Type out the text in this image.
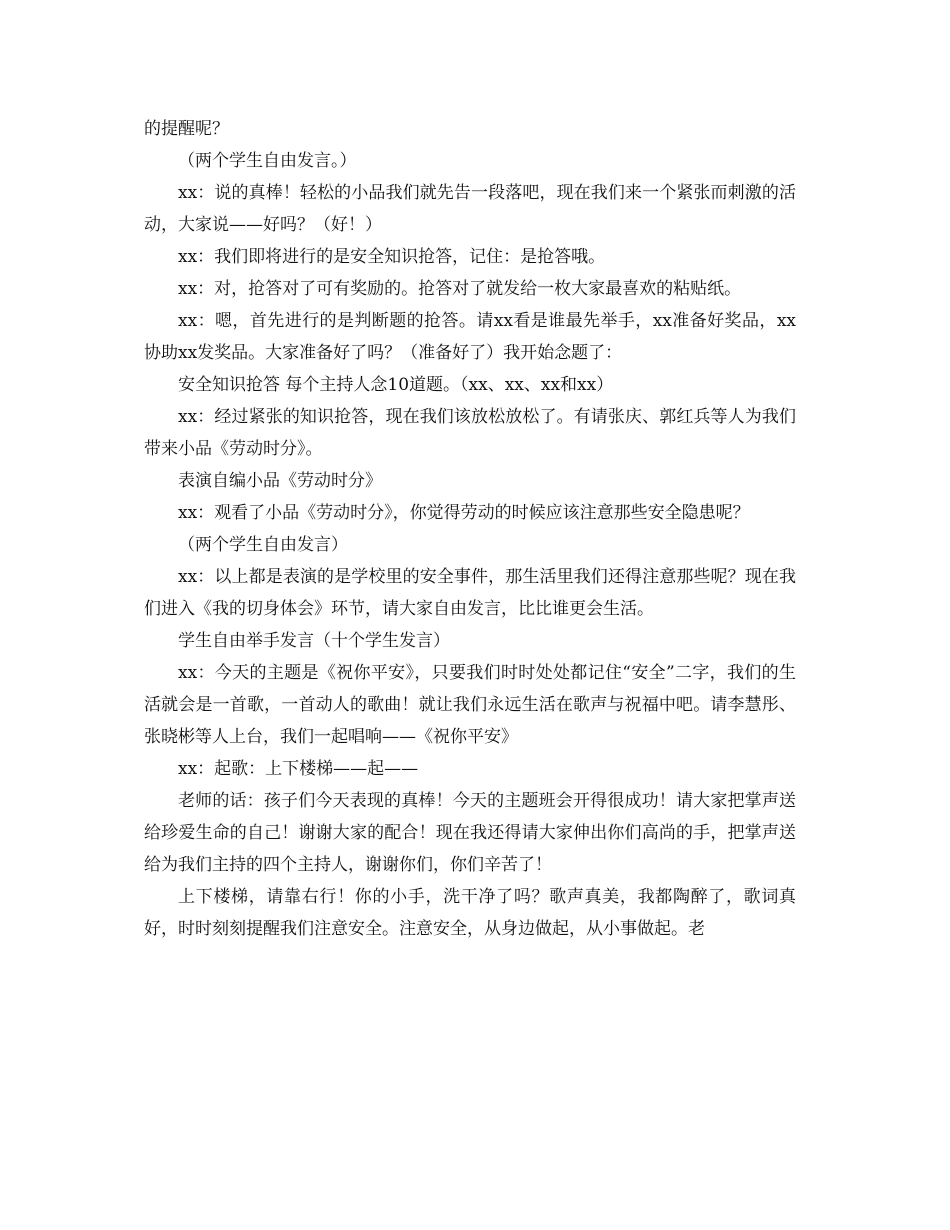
的提醒呢？

（两个学生自由发言。）

xx：说的真棒！轻松的小品我们就先告一段落吧，现在我们来一个紧张而刺激的活动，大家说——好吗？（好！）

xx：我们即将进行的是安全知识抢答，记住：是抢答哦。

xx：对，抢答对了可有奖励的。抢答对了就发给一枚大家最喜欢的粘贴纸。

xx：嗯，首先进行的是判断题的抢答。请xx看是谁最先举手，xx准备好奖品，xx协助xx发奖品。大家准备好了吗？（准备好了）我开始念题了：

安全知识抢答 每个主持人念10道题。（xx、xx、xx和xx）

xx：经过紧张的知识抢答，现在我们该放松放松了。有请张庆、郭红兵等人为我们带来小品《劳动时分》。

表演自编小品《劳动时分》

xx：观看了小品《劳动时分》，你觉得劳动的时候应该注意那些安全隐患呢？

（两个学生自由发言）

xx：以上都是表演的是学校里的安全事件，那生活里我们还得注意那些呢？现在我们进入《我的切身体会》环节，请大家自由发言，比比谁更会生活。

学生自由举手发言（十个学生发言）

xx：今天的主题是《祝你平安》，只要我们时时处处都记住“安全”二字，我们的生活就会是一首歌，一首动人的歌曲！就让我们永远生活在歌声与祝福中吧。请李慧彤、张晓彬等人上台，我们一起唱响——《祝你平安》

xx：起歌：上下楼梯——起——

老师的话：孩子们今天表现的真棒！今天的主题班会开得很成功！请大家把掌声送给珍爱生命的自己！谢谢大家的配合！现在我还得请大家伸出你们高尚的手，把掌声送给为我们主持的四个主持人，谢谢你们，你们辛苦了！

上下楼梯，请靠右行！你的小手，洗干净了吗？歌声真美，我都陶醉了，歌词真好，时时刻刻提醒我们注意安全。注意安全，从身边做起，从小事做起。老
